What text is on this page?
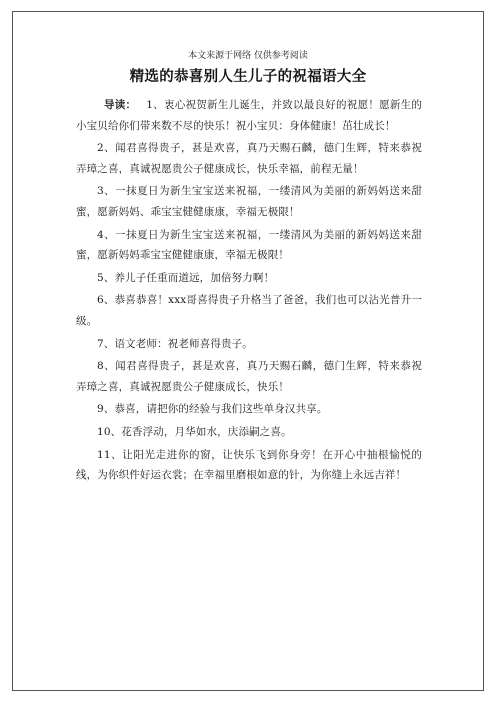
本文来源于网络 仅供参考阅读
精选的恭喜别人生儿子的祝福语大全

导读： 1、衷心祝贺新生儿诞生，并致以最良好的祝愿！愿新生的小宝贝给你们带来数不尽的快乐！祝小宝贝：身体健康！茁壮成长！

2、闻君喜得贵子，甚是欢喜，真乃天赐石麟，德门生辉，特来恭祝弄璋之喜，真诚祝愿贵公子健康成长，快乐幸福，前程无量！

3、一抹夏日为新生宝宝送来祝福，一缕清风为美丽的新妈妈送来甜蜜，愿新妈妈、乖宝宝健健康康，幸福无极限！

4、一抹夏日为新生宝宝送来祝福，一缕清风为美丽的新妈妈送来甜蜜，愿新妈妈乖宝宝健健康康，幸福无极限！

5、养儿子任重而道远，加倍努力啊！

6、恭喜恭喜！xxx哥喜得贵子升格当了爸爸，我们也可以沾光普升一级。

7、语文老师：祝老师喜得贵子。

8、闻君喜得贵子，甚是欢喜，真乃天赐石麟，德门生辉，特来恭祝弄璋之喜，真诚祝愿贵公子健康成长，快乐！

9、恭喜，请把你的经验与我们这些单身汉共享。

10、花香浮动，月华如水，庆添嗣之喜。

11、让阳光走进你的窗，让快乐飞到你身旁！在开心中抽根愉悦的线，为你织件好运衣裳；在幸福里磨根如意的针，为你缝上永远吉祥！
